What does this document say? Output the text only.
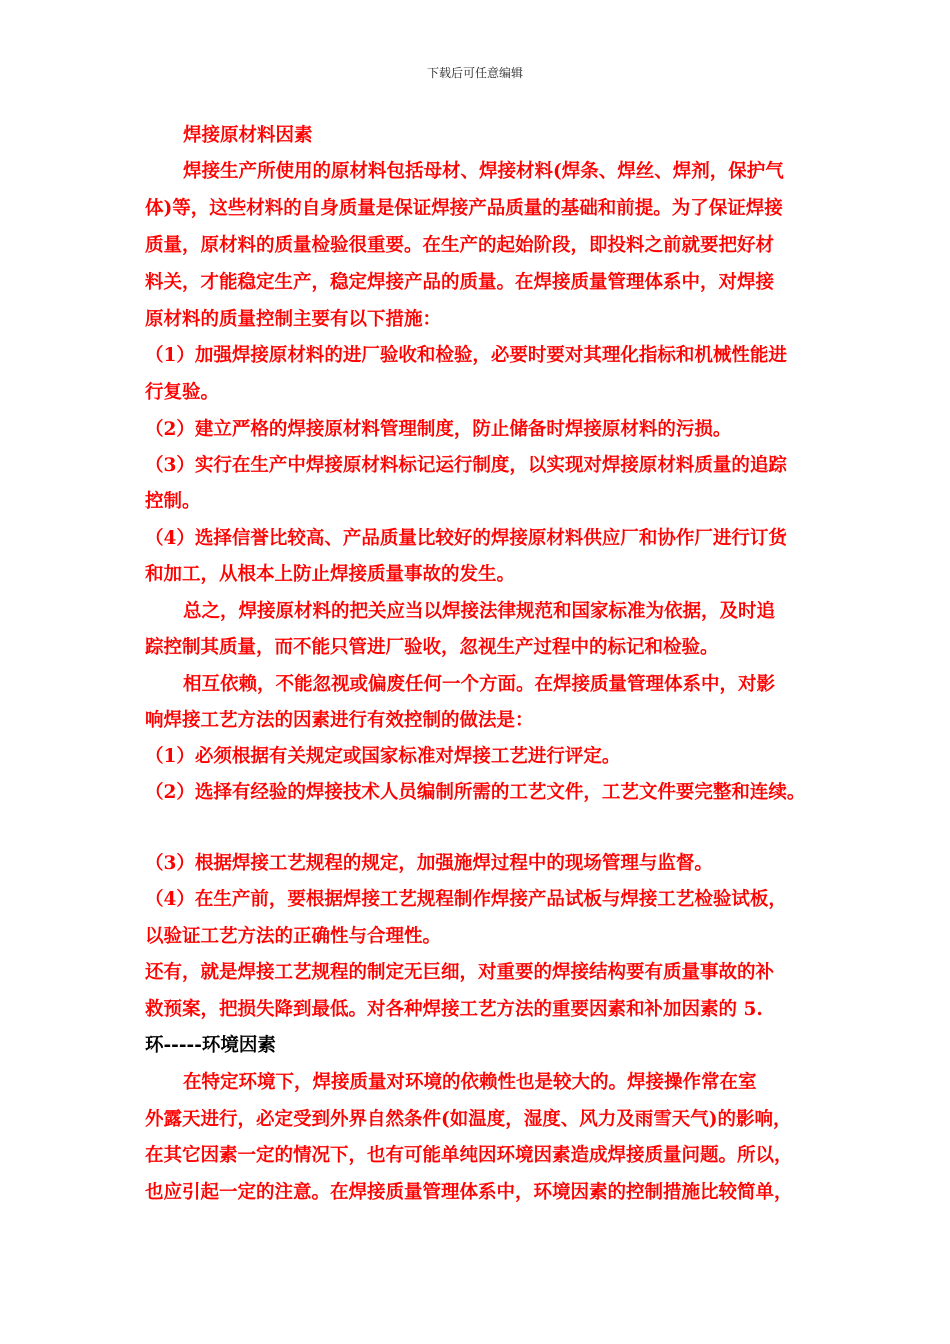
下载后可任意编辑
焊接原材料因素
焊接生产所使用的原材料包括母材、焊接材料(焊条、焊丝、焊剂，保护气
体)等，这些材料的自身质量是保证焊接产品质量的基础和前提。为了保证焊接
质量，原材料的质量检验很重要。在生产的起始阶段，即投料之前就要把好材
料关，才能稳定生产，稳定焊接产品的质量。在焊接质量管理体系中，对焊接
原材料的质量控制主要有以下措施：
（1）加强焊接原材料的进厂验收和检验，必要时要对其理化指标和机械性能进
行复验。
（2）建立严格的焊接原材料管理制度，防止储备时焊接原材料的污损。
（3）实行在生产中焊接原材料标记运行制度，以实现对焊接原材料质量的追踪
控制。
（4）选择信誉比较高、产品质量比较好的焊接原材料供应厂和协作厂进行订货
和加工，从根本上防止焊接质量事故的发生。
总之，焊接原材料的把关应当以焊接法律规范和国家标准为依据，及时追
踪控制其质量，而不能只管进厂验收，忽视生产过程中的标记和检验。
相互依赖，不能忽视或偏废任何一个方面。在焊接质量管理体系中，对影
响焊接工艺方法的因素进行有效控制的做法是：
（1）必须根据有关规定或国家标准对焊接工艺进行评定。
（2）选择有经验的焊接技术人员编制所需的工艺文件，工艺文件要完整和连续。
（3）根据焊接工艺规程的规定，加强施焊过程中的现场管理与监督。
（4）在生产前，要根据焊接工艺规程制作焊接产品试板与焊接工艺检验试板，
以验证工艺方法的正确性与合理性。
还有，就是焊接工艺规程的制定无巨细，对重要的焊接结构要有质量事故的补
救预案，把损失降到最低。对各种焊接工艺方法的重要因素和补加因素的 5.
环-----环境因素
在特定环境下，焊接质量对环境的依赖性也是较大的。焊接操作常在室
外露天进行，必定受到外界自然条件(如温度，湿度、风力及雨雪天气)的影响，
在其它因素一定的情况下，也有可能单纯因环境因素造成焊接质量问题。所以，
也应引起一定的注意。在焊接质量管理体系中，环境因素的控制措施比较简单，
